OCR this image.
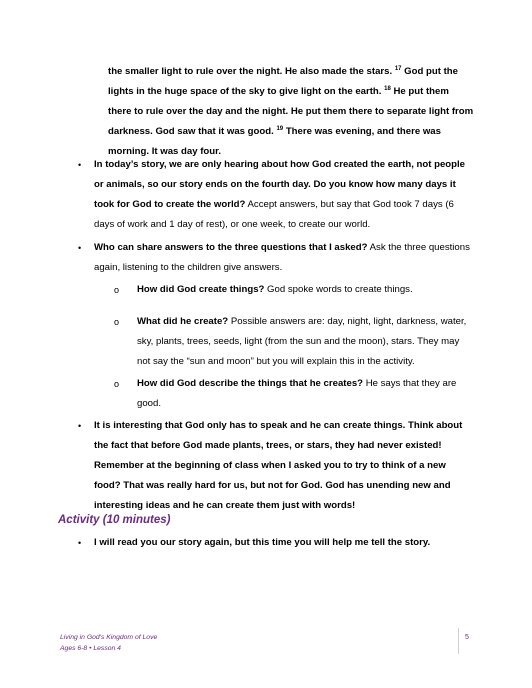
the smaller light to rule over the night. He also made the stars. $^{17}$ God put the lights in the huge space of the sky to give light on the earth. $^{18}$ He put them there to rule over the day and the night. He put them there to separate light from darkness. God saw that it was good. $^{19}$ There was evening, and there was morning. It was day four.

• In today’s story, we are only hearing about how God created the earth, not people or animals, so our story ends on the fourth day. Do you know how many days it took for God to create the world? Accept answers, but say that God took 7 days (6 days of work and 1 day of rest), or one week, to create our world.

• Who can share answers to the three questions that I asked? Ask the three questions again, listening to the children give answers.

o How did God create things? God spoke words to create things.

o What did he create? Possible answers are: day, night, light, darkness, water, sky, plants, trees, seeds, light (from the sun and the moon), stars. They may not say the “sun and moon” but you will explain this in the activity.

o How did God describe the things that he creates? He says that they are good.

• It is interesting that God only has to speak and he can create things. Think about the fact that before God made plants, trees, or stars, they had never existed! Remember at the beginning of class when I asked you to try to think of a new food? That was really hard for us, but not for God. God has unending new and interesting ideas and he can create them just with words!

Activity (10 minutes)
• I will read you our story again, but this time you will help me tell the story.

Living in God's Kingdom of Love
Ages 6-8 • Lesson 4
5
